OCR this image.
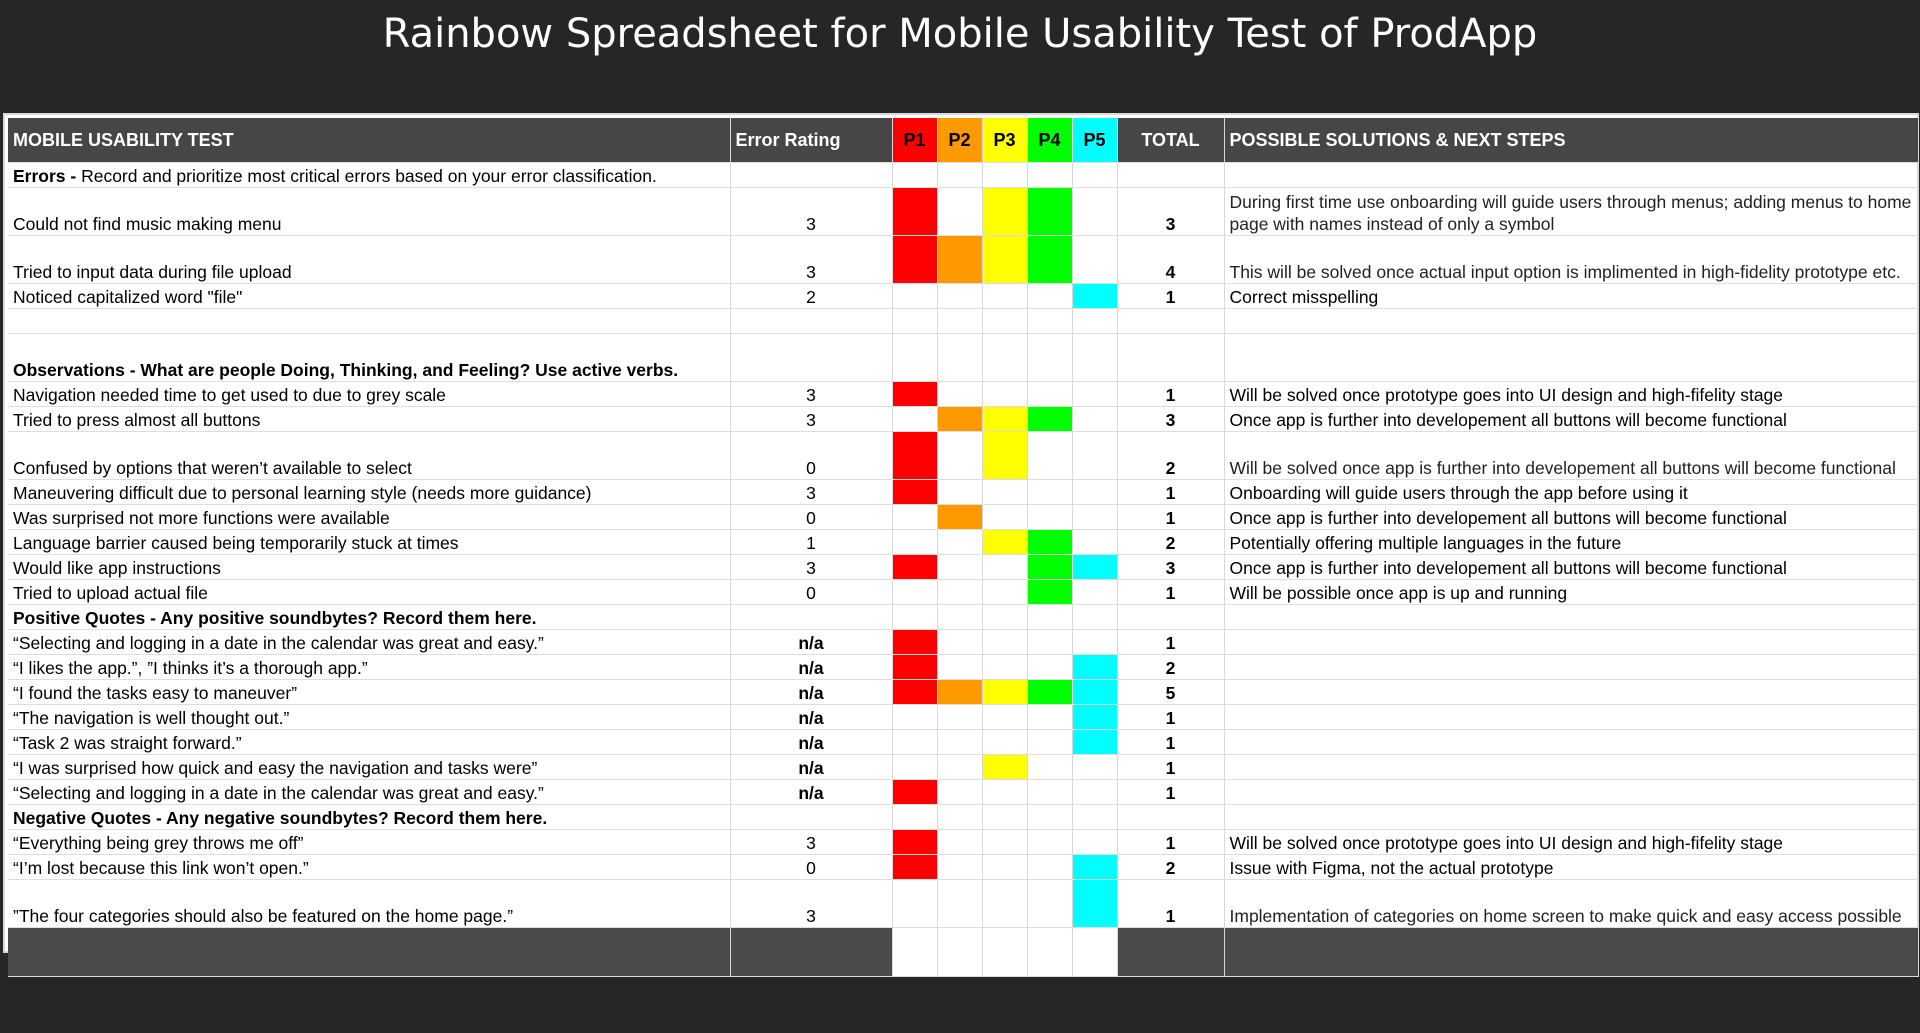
Rainbow Spreadsheet for Mobile Usability Test of ProdApp
MOBILE USABILITY TEST	Error Rating	P1	P2	P3	P4	P5	TOTAL	POSSIBLE SOLUTIONS & NEXT STEPS
Errors - Record and prioritize most critical errors based on your error classification.								
Could not find music making menu	3						3	During first time use onboarding will guide users through menus; adding menus to home page with names instead of only a symbol
Tried to input data during file upload	3						4	This will be solved once actual input option is implimented in high-fidelity prototype etc.
Noticed capitalized word "file"	2						1	Correct misspelling

Observations - What are people Doing, Thinking, and Feeling? Use active verbs.								
Navigation needed time to get used to due to grey scale	3						1	Will be solved once prototype goes into UI design and high-fifelity stage
Tried to press almost all buttons	3						3	Once app is further into developement all buttons will become functional
Confused by options that weren’t available to select	0						2	Will be solved once app is further into developement all buttons will become functional
Maneuvering difficult due to personal learning style (needs more guidance)	3						1	Onboarding will guide users through the app before using it
Was surprised not more functions were available	0						1	Once app is further into developement all buttons will become functional
Language barrier caused being temporarily stuck at times	1						2	Potentially offering multiple languages in the future
Would like app instructions	3						3	Once app is further into developement all buttons will become functional
Tried to upload actual file	0						1	Will be possible once app is up and running
Positive Quotes - Any positive soundbytes? Record them here.								
“Selecting and logging in a date in the calendar was great and easy.”	n/a						1	
“I likes the app.”, ”I thinks it’s a thorough app.”	n/a						2	
“I found the tasks easy to maneuver”	n/a						5	
“The navigation is well thought out.”	n/a						1	
“Task 2 was straight forward.”	n/a						1	
“I was surprised how quick and easy the navigation and tasks were”	n/a						1	
“Selecting and logging in a date in the calendar was great and easy.”	n/a						1	
Negative Quotes - Any negative soundbytes? Record them here.								
“Everything being grey throws me off”	3						1	Will be solved once prototype goes into UI design and high-fifelity stage
“I’m lost because this link won’t open.”	0						2	Issue with Figma, not the actual prototype
”The four categories should also be featured on the home page.”	3						1	Implementation of categories on home screen to make quick and easy access possible
